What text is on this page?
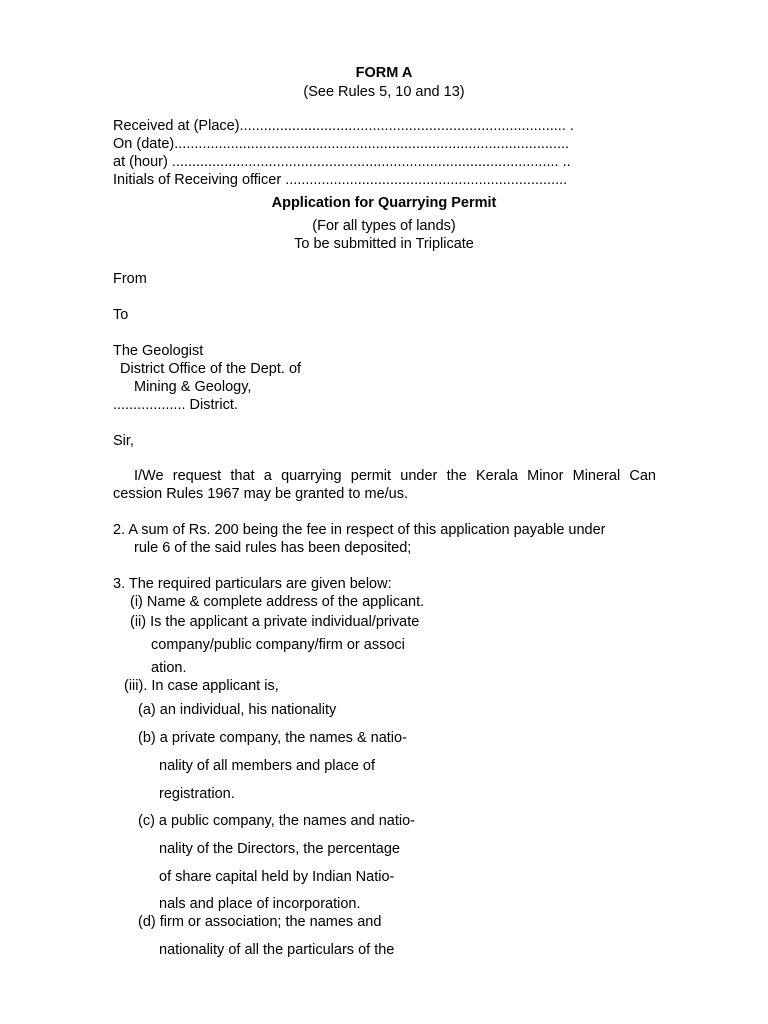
FORM A
(See Rules 5, 10 and 13)
Received at (Place)................................................................................. .
On (date)..................................................................................................
at (hour) ................................................................................................ ..
Initials of Receiving officer ......................................................................
Application for Quarrying Permit
(For all types of lands)
To be submitted in Triplicate
From
To
The Geologist
District Office of the Dept. of
Mining & Geology,
.................. District.
Sir,
I/We request that a quarrying permit under the Kerala Minor Mineral Can
cession Rules 1967 may be granted to me/us.
2. A sum of Rs. 200 being the fee in respect of this application payable under
rule 6 of the said rules has been deposited;
3. The required particulars are given below:
(i) Name & complete address of the applicant.
(ii) Is the applicant a private individual/private
company/public company/firm or associ
ation.
(iii). In case applicant is,
(a) an individual, his nationality
(b) a private company, the names & natio-
nality of all members and place of
registration.
(c) a public company, the names and natio-
nality of the Directors, the percentage
of share capital held by Indian Natio-
nals and place of incorporation.
(d) firm or association; the names and
nationality of all the particulars of the
